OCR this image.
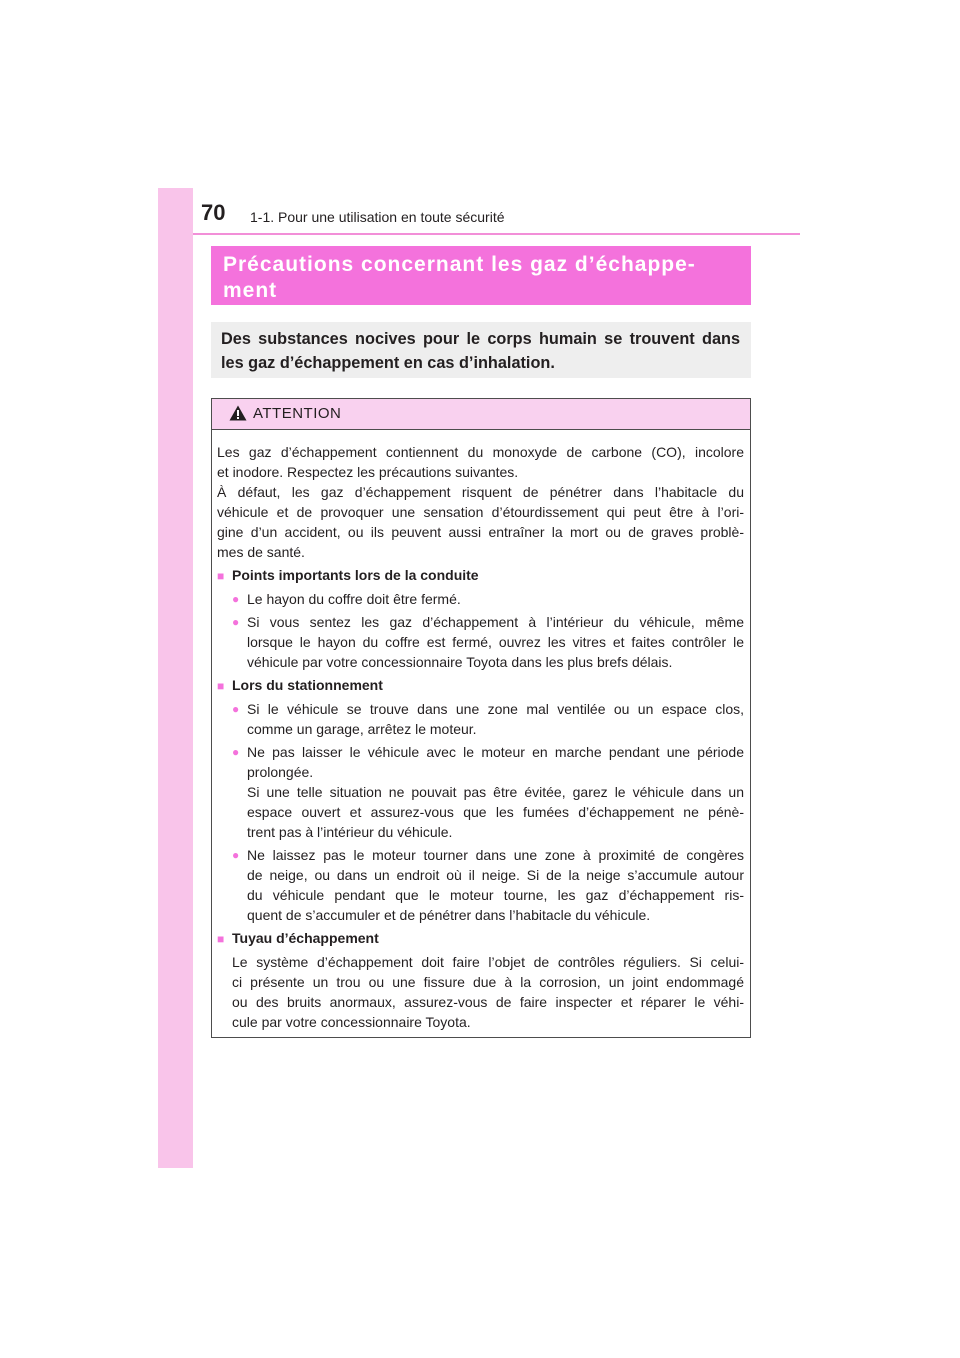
70 1-1. Pour une utilisation en toute sécurité
Précautions concernant les gaz d’échappe-
ment
Des substances nocives pour le corps humain se trouvent dans
les gaz d’échappement en cas d’inhalation.
ATTENTION
Les gaz d’échappement contiennent du monoxyde de carbone (CO), incolore
et inodore. Respectez les précautions suivantes.
À défaut, les gaz d’échappement risquent de pénétrer dans l’habitacle du
véhicule et de provoquer une sensation d’étourdissement qui peut être à l’ori-
gine d’un accident, ou ils peuvent aussi entraîner la mort ou de graves problè-
mes de santé.
■ Points importants lors de la conduite
● Le hayon du coffre doit être fermé.
● Si vous sentez les gaz d’échappement à l’intérieur du véhicule, même
lorsque le hayon du coffre est fermé, ouvrez les vitres et faites contrôler le
véhicule par votre concessionnaire Toyota dans les plus brefs délais.
■ Lors du stationnement
● Si le véhicule se trouve dans une zone mal ventilée ou un espace clos,
comme un garage, arrêtez le moteur.
● Ne pas laisser le véhicule avec le moteur en marche pendant une période
prolongée.
Si une telle situation ne pouvait pas être évitée, garez le véhicule dans un
espace ouvert et assurez-vous que les fumées d’échappement ne pénè-
trent pas à l’intérieur du véhicule.
● Ne laissez pas le moteur tourner dans une zone à proximité de congères
de neige, ou dans un endroit où il neige. Si de la neige s’accumule autour
du véhicule pendant que le moteur tourne, les gaz d’échappement ris-
quent de s’accumuler et de pénétrer dans l’habitacle du véhicule.
■ Tuyau d’échappement
Le système d’échappement doit faire l’objet de contrôles réguliers. Si celui-
ci présente un trou ou une fissure due à la corrosion, un joint endommagé
ou des bruits anormaux, assurez-vous de faire inspecter et réparer le véhi-
cule par votre concessionnaire Toyota.
